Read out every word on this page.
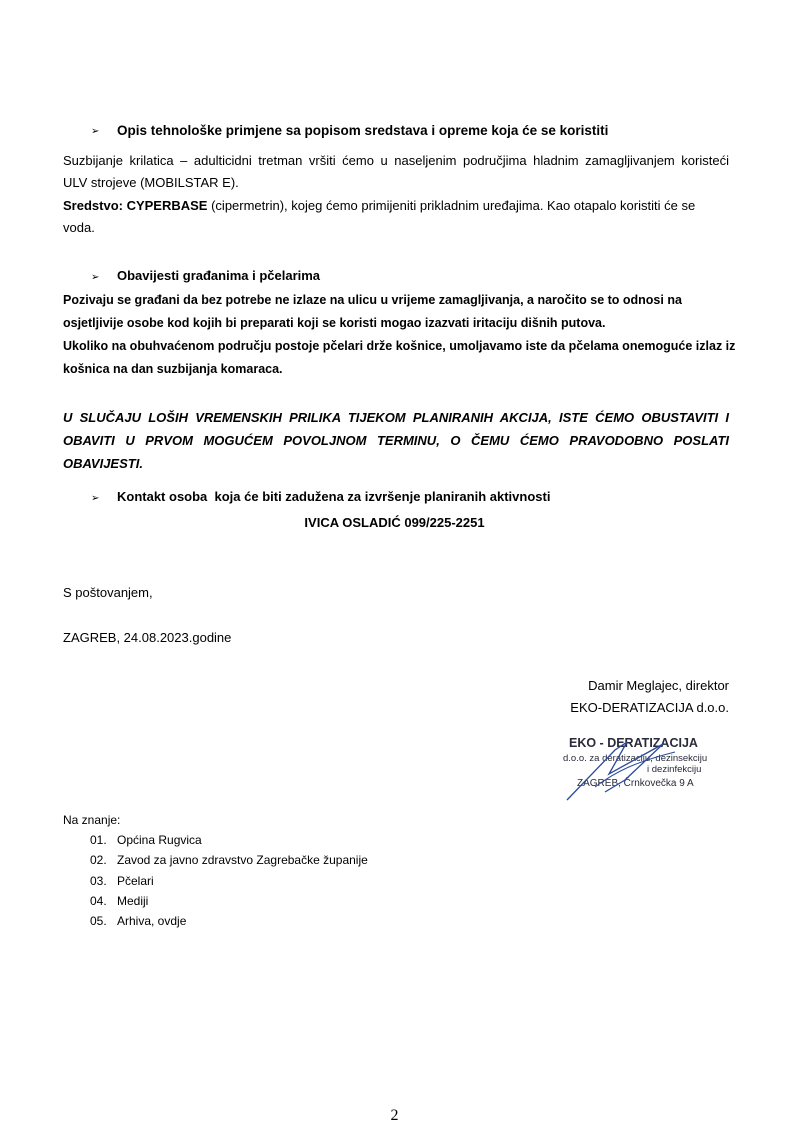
➢ Opis tehnološke primjene sa popisom sredstava i opreme koja će se koristiti
Suzbijanje krilatica – adulticidni tretman vršiti ćemo u naseljenim područjima hladnim zamagljivanjem koristeći
ULV strojeve (MOBILSTAR E).
Sredstvo: CYPERBASE (cipermetrin), kojeg ćemo primijeniti prikladnim uređajima. Kao otapalo koristiti će se
voda.
➢ Obavijesti građanima i pčelarima
Pozivaju se građani da bez potrebe ne izlaze na ulicu u vrijeme zamagljivanja, a naročito se to odnosi na
osjetljivije osobe kod kojih bi preparati koji se koristi mogao izazvati iritaciju dišnih putova.
Ukoliko na obuhvaćenom području postoje pčelari drže košnice, umoljavamo iste da pčelama onemoguće izlaz iz
košnica na dan suzbijanja komaraca.
U SLUČAJU LOŠIH VREMENSKIH PRILIKA TIJEKOM PLANIRANIH AKCIJA, ISTE ĆEMO OBUSTAVITI I
OBAVITI U PRVOM MOGUĆEM POVOLJNOM TERMINU, O ČEMU ĆEMO PRAVODOBNO POSLATI
OBAVIJESTI.
➢ Kontakt osoba  koja će biti zadužena za izvršenje planiranih aktivnosti
IVICA OSLADIĆ 099/225-2251
S poštovanjem,
ZAGREB, 24.08.2023.godine
Damir Meglajec, direktor
EKO-DERATIZACIJA d.o.o.
EKO - DERATIZACIJA
d.o.o. za deratizaciju, dezinsekciju
i dezinfekciju
ZAGREB, Črnkovečka 9 A
Na znanje:
01. Općina Rugvica
02. Zavod za javno zdravstvo Zagrebačke županije
03. Pčelari
04. Mediji
05. Arhiva, ovdje
2
